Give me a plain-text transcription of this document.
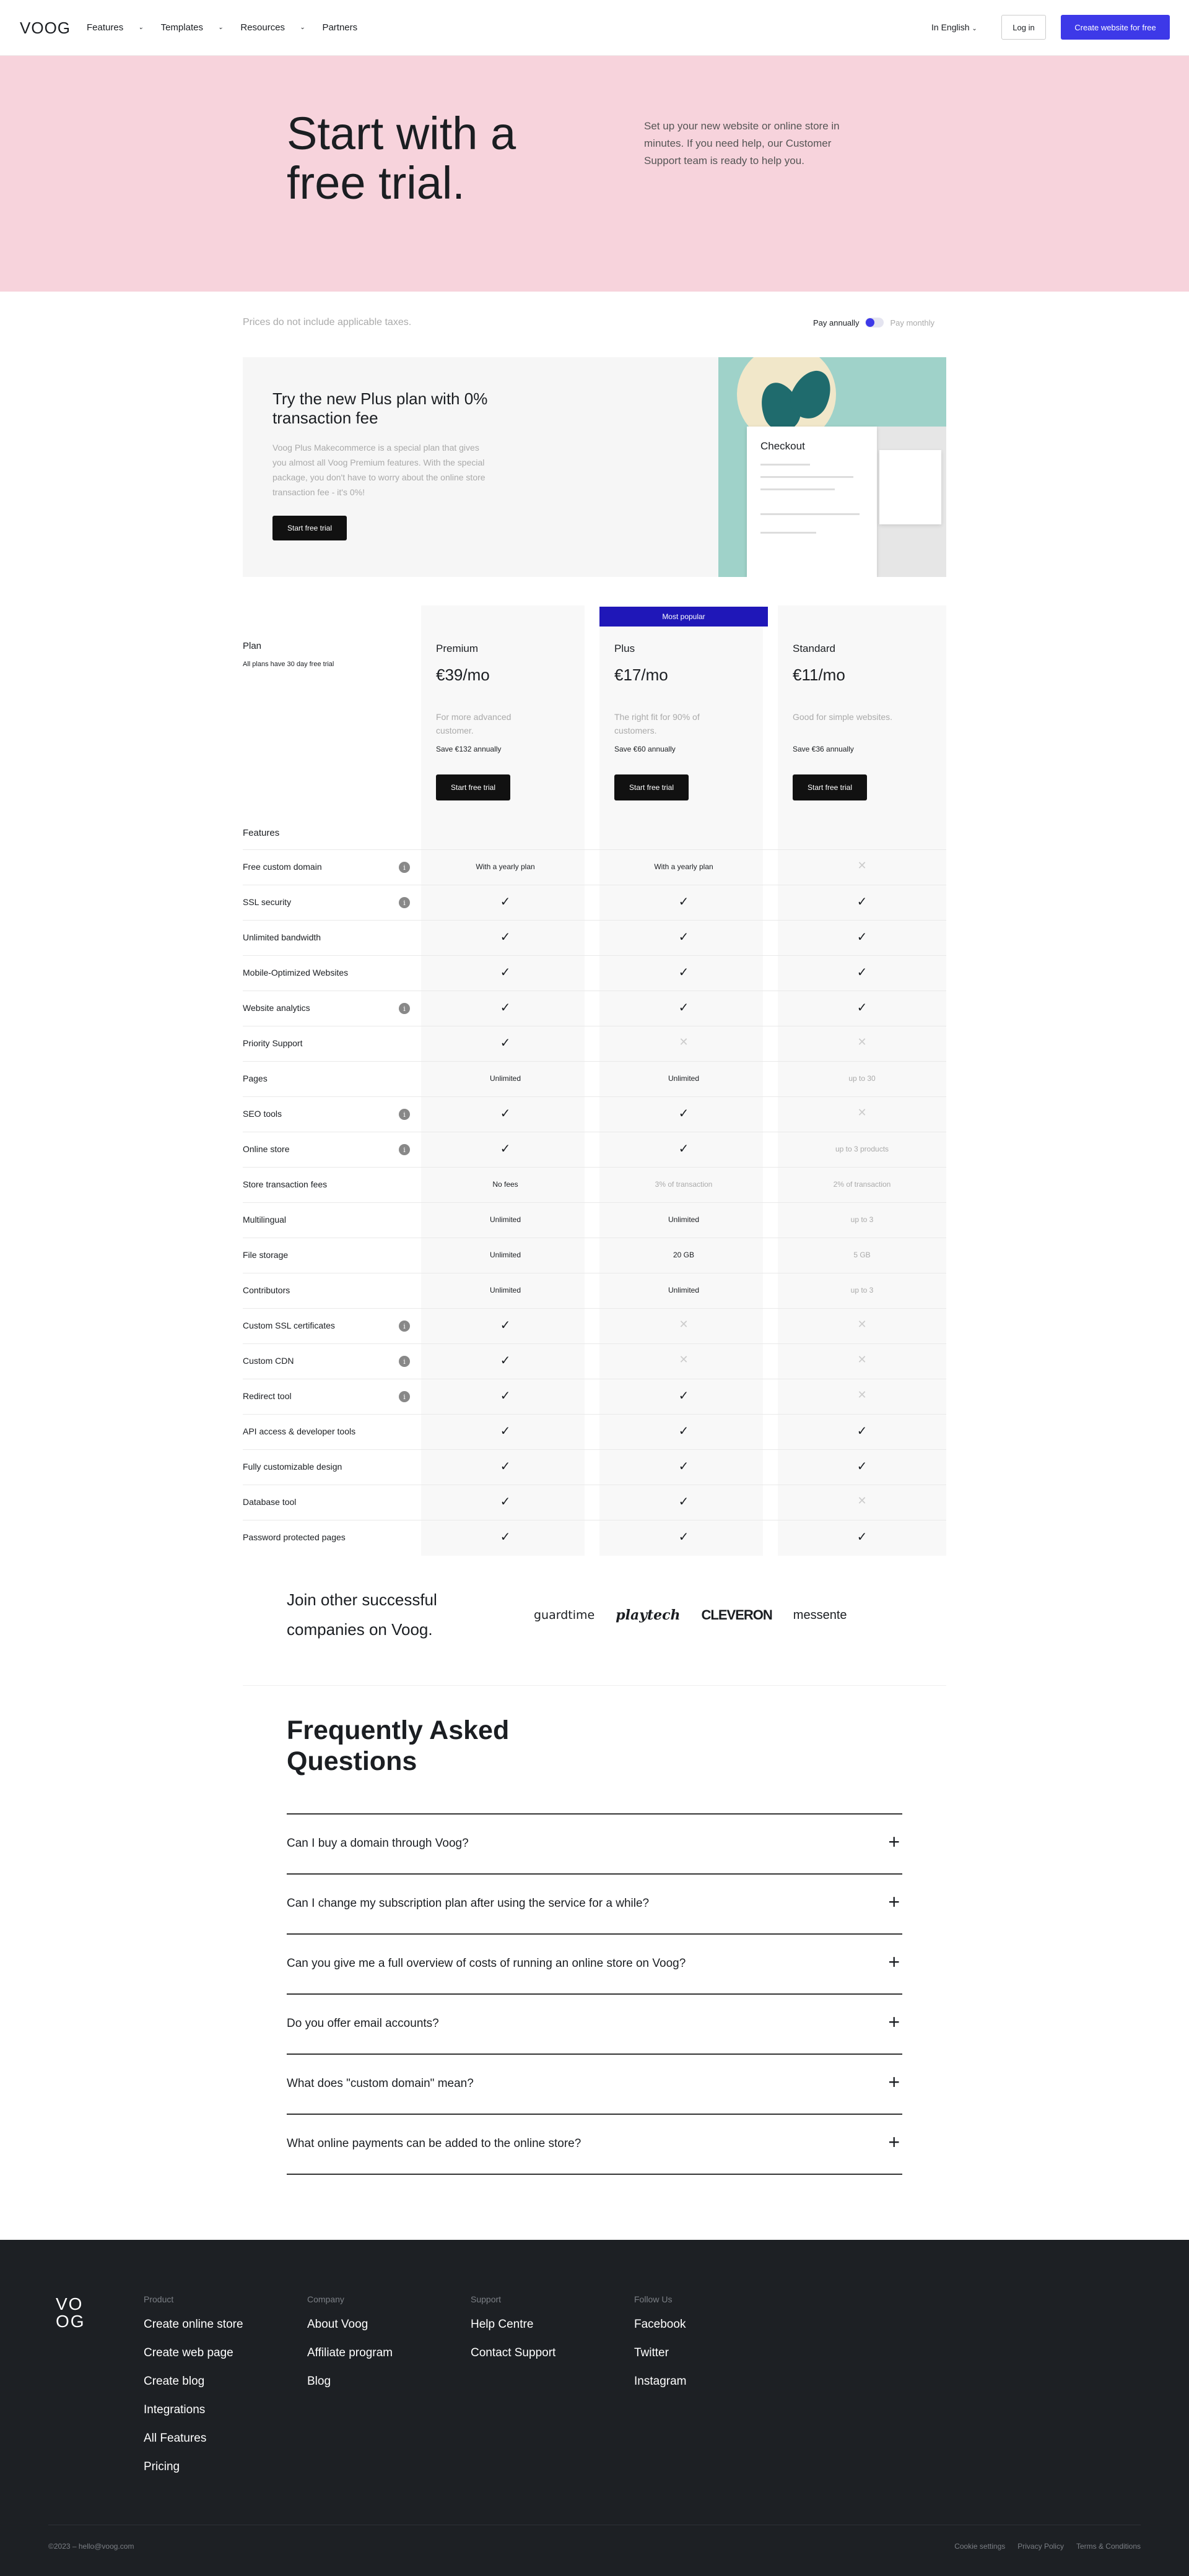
VOOG Features ⌄ Templates ⌄ Resources ⌄ Partners	In English ⌄	Log in	Create website for free
Start with a free trial.

Set up your new website or online store in minutes. If you need help, our Customer Support team is ready to help you.

Prices do not include applicable taxes.	Pay annually	Pay monthly
Try the new Plus plan with 0% transaction fee

Voog Plus Makecommerce is a special plan that gives you almost all Voog Premium features. With the special package, you don't have to worry about the online store transaction fee - it's 0%!

Start free trial
Checkout
Most popular
Plan
All plans have 30 day free trial
Premium
€39/mo
For more advanced customer.
Save €132 annually
Start free trial
Plus
€17/mo
The right fit for 90% of customers.
Save €60 annually
Start free trial
Standard
€11/mo
Good for simple websites.
Save €36 annually
Start free trial
Features
Free custom domain	i	With a yearly plan	With a yearly plan	✕
SSL security	i	✓	✓	✓
Unlimited bandwidth	✓	✓	✓
Mobile-Optimized Websites	✓	✓	✓
Website analytics	i	✓	✓	✓
Priority Support	✓	✕	✕
Pages	Unlimited	Unlimited	up to 30
SEO tools	i	✓	✓	✕
Online store	i	✓	✓	up to 3 products
Store transaction fees	No fees	3% of transaction	2% of transaction
Multilingual	Unlimited	Unlimited	up to 3
File storage	Unlimited	20 GB	5 GB
Contributors	Unlimited	Unlimited	up to 3
Custom SSL certificates	i	✓	✕	✕
Custom CDN	i	✓	✕	✕
Redirect tool	i	✓	✓	✕
API access & developer tools	✓	✓	✓
Fully customizable design	✓	✓	✓
Database tool	✓	✓	✕
Password protected pages	✓	✓	✓
Join other successful companies on Voog.
guardtime playtech CLEVERON messente
Frequently Asked Questions
Can I buy a domain through Voog?	+
Can I change my subscription plan after using the service for a while?	+
Can you give me a full overview of costs of running an online store on Voog?	+
Do you offer email accounts?	+
What does "custom domain" mean?	+
What online payments can be added to the online store?	+
VO
OG
Product
Create online store
Create web page
Create blog
Integrations
All Features
Pricing
Company
About Voog
Affiliate program
Blog
Support
Help Centre
Contact Support
Follow Us
Facebook
Twitter
Instagram
©2023 – hello@voog.com	Cookie settings Privacy Policy Terms & Conditions
